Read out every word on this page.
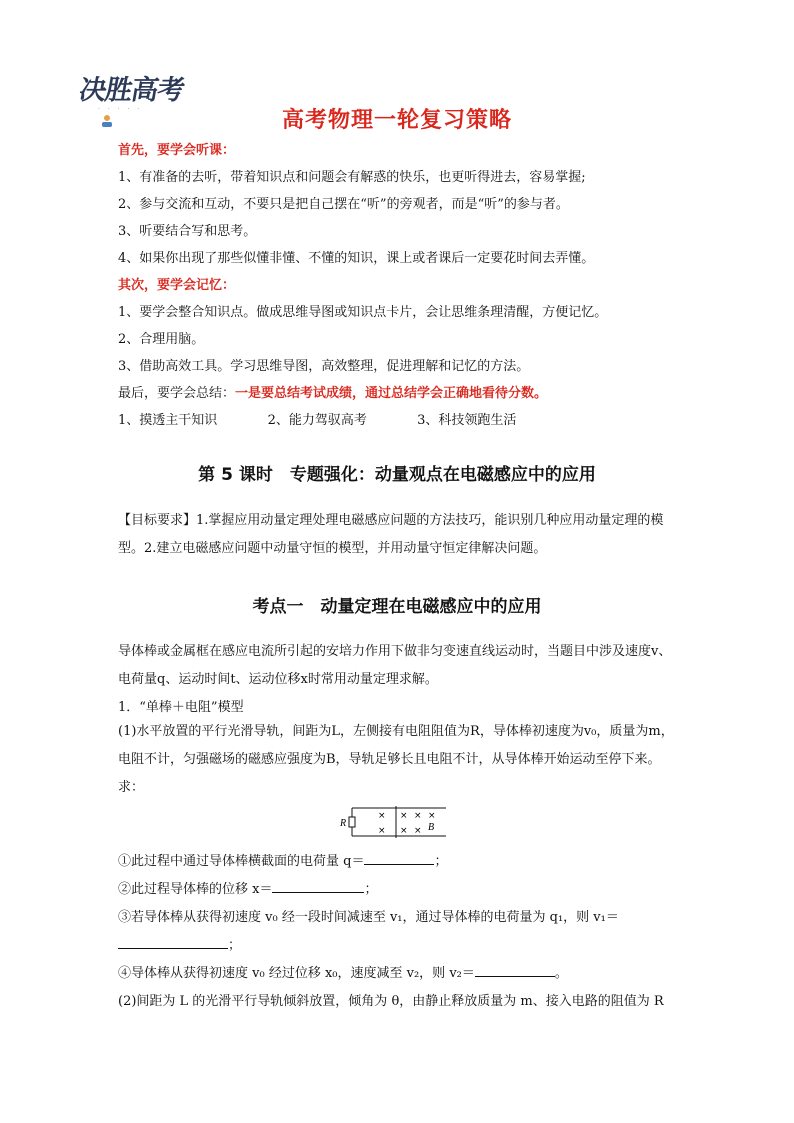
决胜高考
· · · · ·	高考物理一轮复习策略
首先，要学会听课：
1、有准备的去听，带着知识点和问题会有解惑的快乐，也更听得进去，容易掌握;
2、参与交流和互动，不要只是把自己摆在“听”的旁观者，而是“听”的参与者。
3、听要结合写和思考。
4、如果你出现了那些似懂非懂、不懂的知识，课上或者课后一定要花时间去弄懂。
其次，要学会记忆：
1、要学会整合知识点。做成思维导图或知识点卡片，会让思维条理清醒，方便记忆。
2、合理用脑。
3、借助高效工具。学习思维导图，高效整理，促进理解和记忆的方法。
最后，要学会总结：一是要总结考试成绩，通过总结学会正确地看待分数。
1、摸透主干知识	2、能力驾驭高考	3、科技领跑生活
第 5 课时　专题强化：动量观点在电磁感应中的应用
【目标要求】1.掌握应用动量定理处理电磁感应问题的方法技巧，能识别几种应用动量定理的模型。2.建立电磁感应问题中动量守恒的模型，并用动量守恒定律解决问题。
考点一　动量定理在电磁感应中的应用
导体棒或金属框在感应电流所引起的安培力作用下做非匀变速直线运动时，当题目中涉及速度v、电荷量q、运动时间t、运动位移x时常用动量定理求解。
1．“单棒＋电阻”模型
(1)水平放置的平行光滑导轨，间距为L，左侧接有电阻阻值为R，导体棒初速度为v₀，质量为m，电阻不计，匀强磁场的磁感应强度为B，导轨足够长且电阻不计，从导体棒开始运动至停下来。求：
R
× × × ×
× × × B
①此过程中通过导体棒横截面的电荷量 q＝	；
②此过程导体棒的位移 x＝	；
③若导体棒从获得初速度 v₀ 经一段时间减速至 v₁，通过导体棒的电荷量为 q₁，则 v₁＝
；
④导体棒从获得初速度 v₀ 经过位移 x₀，速度减至 v₂，则 v₂＝	。
(2)间距为 L 的光滑平行导轨倾斜放置，倾角为 θ，由静止释放质量为 m、接入电路的阻值为 R
